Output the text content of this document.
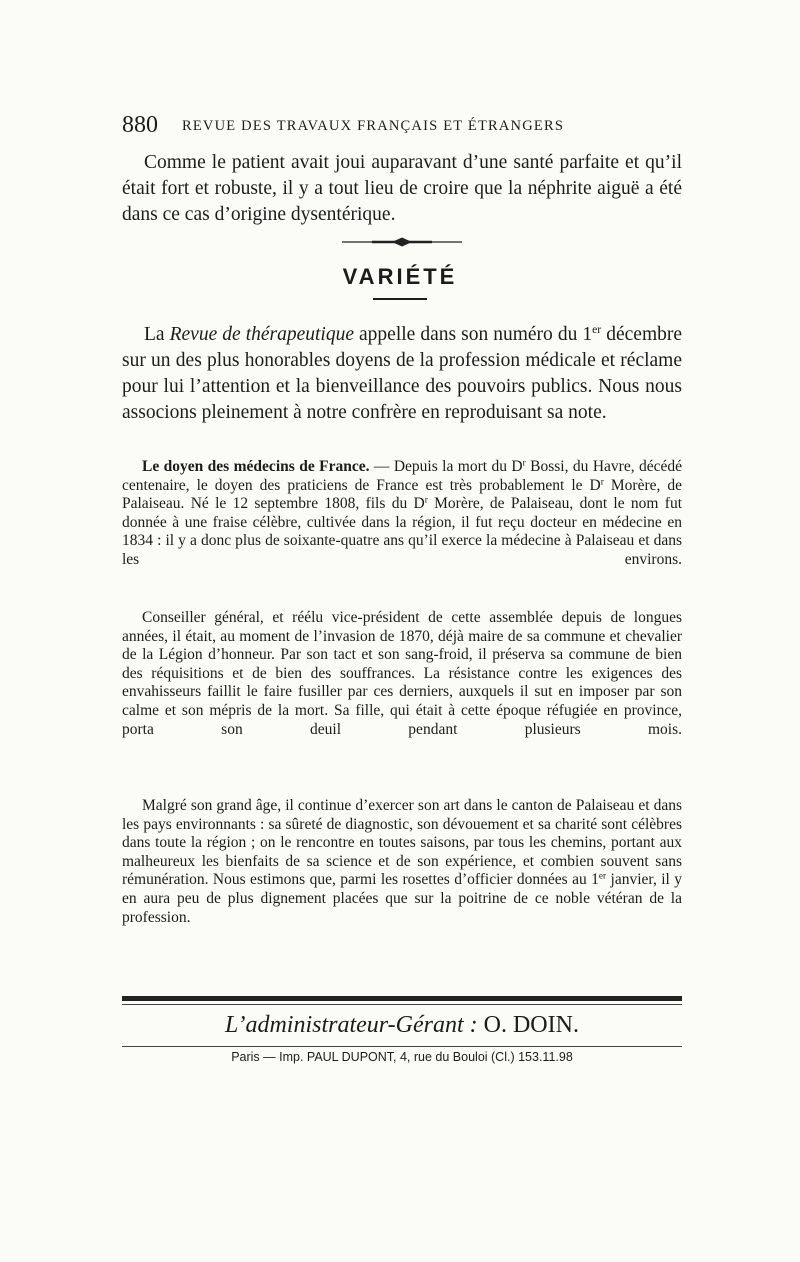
880 REVUE DES TRAVAUX FRANÇAIS ET ÉTRANGERS

Comme le patient avait joui auparavant d’une santé parfaite et qu’il était fort et robuste, il y a tout lieu de croire que la néphrite aiguë a été dans ce cas d’origine dysentérique.

VARIÉTÉ

La Revue de thérapeutique appelle dans son numéro du 1er décembre sur un des plus honorables doyens de la profession médicale et réclame pour lui l’attention et la bienveillance des pouvoirs publics. Nous nous associons pleinement à notre confrère en reproduisant sa note.

Le doyen des médecins de France. — Depuis la mort du $D^r$ Bossi, du Havre, décédé centenaire, le doyen des praticiens de France est très probablement le $D^r$ Morère, de Palaiseau. Né le 12 septembre 1808, fils du $D^r$ Morère, de Palaiseau, dont le nom fut donnée à une fraise célèbre, cultivée dans la région, il fut reçu docteur en médecine en 1834 : il y a donc plus de soixante-quatre ans qu’il exerce la médecine à Palaiseau et dans les environs.

Conseiller général, et réélu vice-président de cette assemblée depuis de longues années, il était, au moment de l’invasion de 1870, déjà maire de sa commune et chevalier de la Légion d’honneur. Par son tact et son sang-froid, il préserva sa commune de bien des réquisitions et de bien des souffrances. La résistance contre les exigences des envahisseurs faillit le faire fusiller par ces derniers, auxquels il sut en imposer par son calme et son mépris de la mort. Sa fille, qui était à cette époque réfugiée en province, porta son deuil pendant plusieurs mois.

Malgré son grand âge, il continue d’exercer son art dans le canton de Palaiseau et dans les pays environnants : sa sûreté de diagnostic, son dévouement et sa charité sont célèbres dans toute la région ; on le rencontre en toutes saisons, par tous les chemins, portant aux malheureux les bienfaits de sa science et de son expérience, et combien souvent sans rémunération. Nous estimons que, parmi les rosettes d’officier données au 1er janvier, il y en aura peu de plus dignement placées que sur la poitrine de ce noble vétéran de la profession.

L’administrateur-Gérant : O. DOIN.
Paris — Imp. PAUL DUPONT, 4, rue du Bouloi (Cl.) 153.11.98
